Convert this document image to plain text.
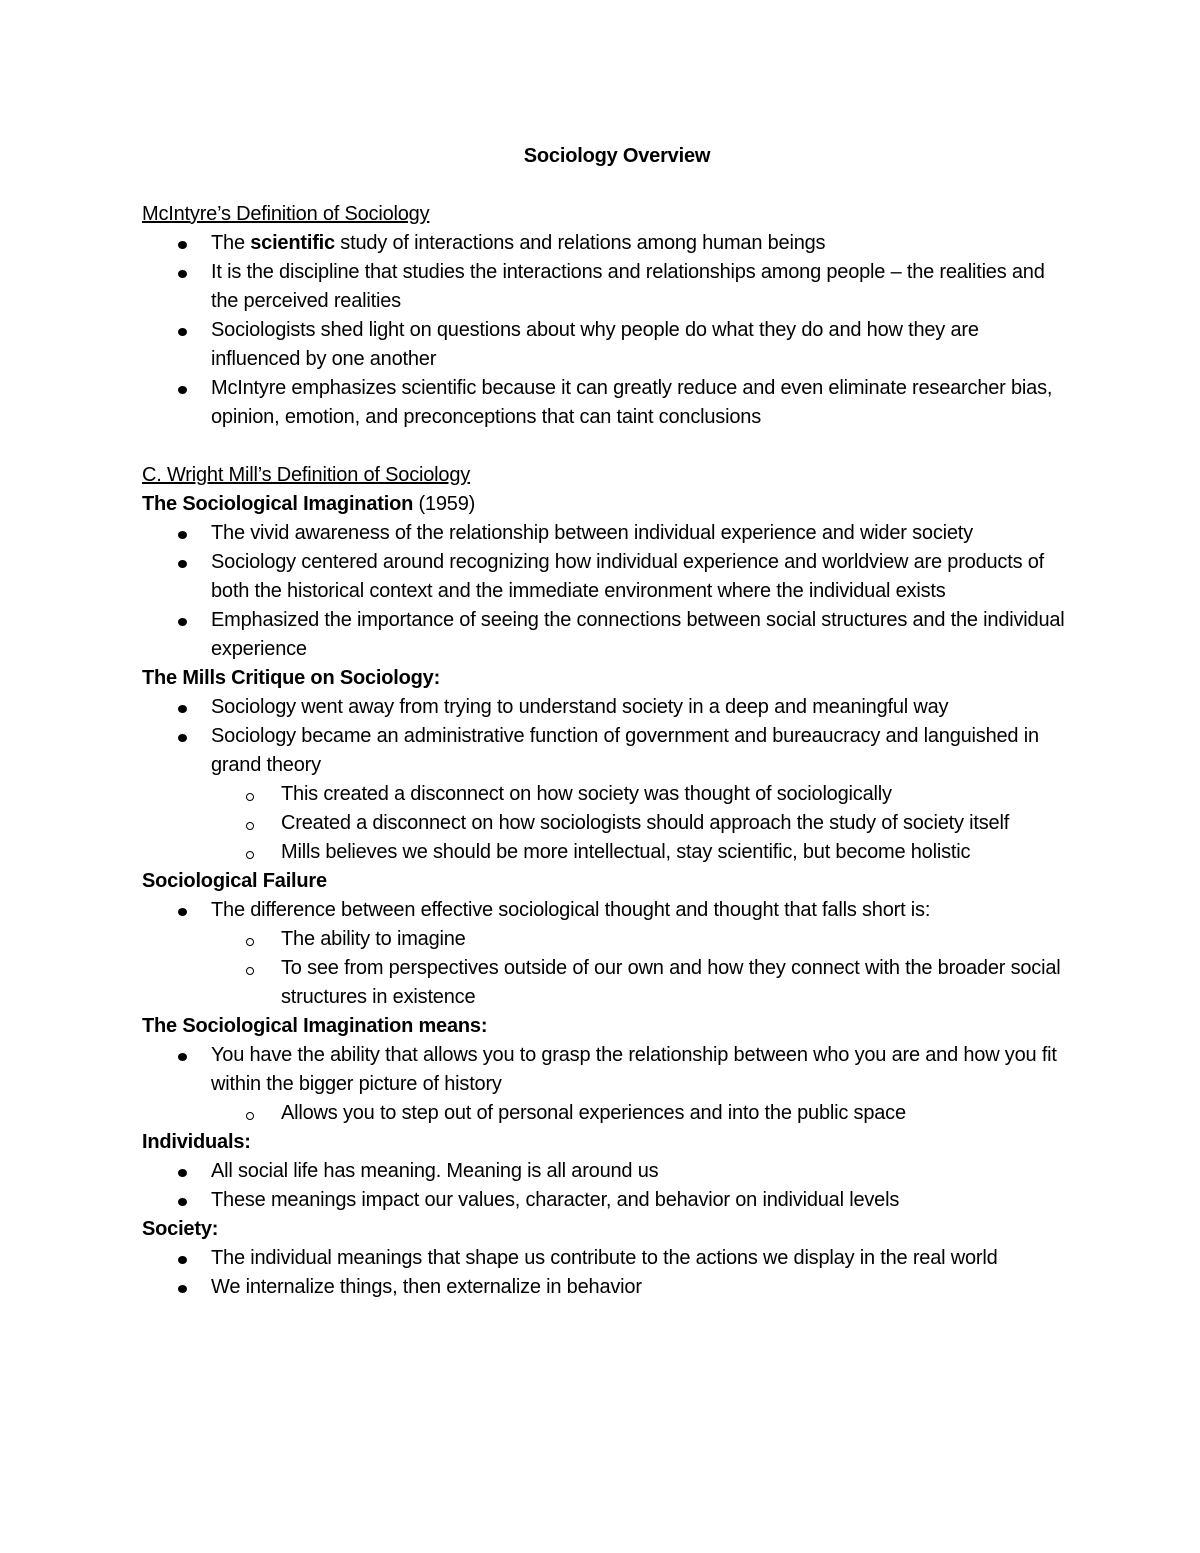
Sociology Overview
McIntyre’s Definition of Sociology
The scientific study of interactions and relations among human beings
It is the discipline that studies the interactions and relationships among people – the realities and the perceived realities
Sociologists shed light on questions about why people do what they do and how they are influenced by one another
McIntyre emphasizes scientific because it can greatly reduce and even eliminate researcher bias, opinion, emotion, and preconceptions that can taint conclusions
C. Wright Mill’s Definition of Sociology
The Sociological Imagination (1959)
The vivid awareness of the relationship between individual experience and wider society
Sociology centered around recognizing how individual experience and worldview are products of both the historical context and the immediate environment where the individual exists
Emphasized the importance of seeing the connections between social structures and the individual experience
The Mills Critique on Sociology:
Sociology went away from trying to understand society in a deep and meaningful way
Sociology became an administrative function of government and bureaucracy and languished in grand theory
This created a disconnect on how society was thought of sociologically
Created a disconnect on how sociologists should approach the study of society itself
Mills believes we should be more intellectual, stay scientific, but become holistic
Sociological Failure
The difference between effective sociological thought and thought that falls short is:
The ability to imagine
To see from perspectives outside of our own and how they connect with the broader social structures in existence
The Sociological Imagination means:
You have the ability that allows you to grasp the relationship between who you are and how you fit within the bigger picture of history
Allows you to step out of personal experiences and into the public space
Individuals:
All social life has meaning. Meaning is all around us
These meanings impact our values, character, and behavior on individual levels
Society:
The individual meanings that shape us contribute to the actions we display in the real world
We internalize things, then externalize in behavior
